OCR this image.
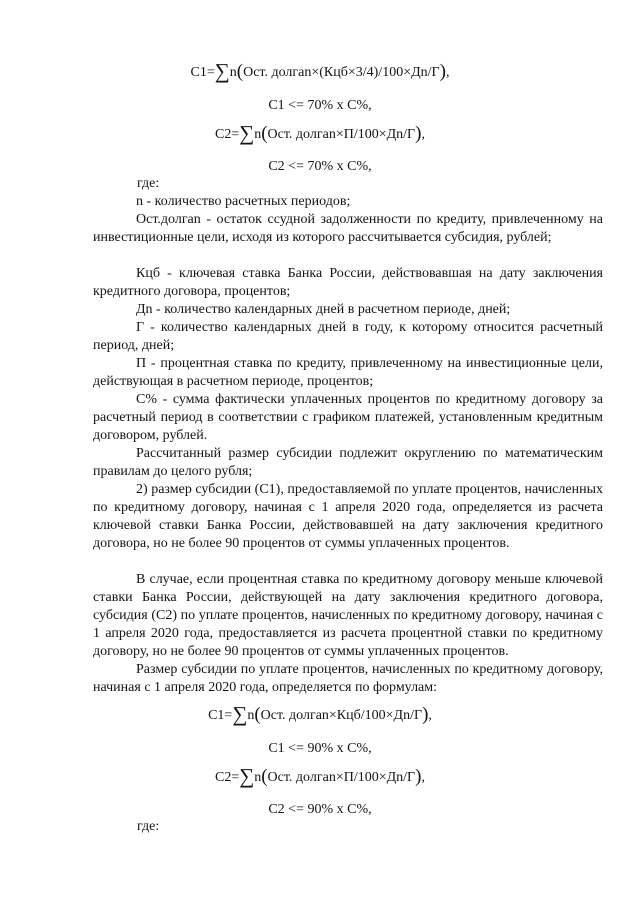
С1=∑n(Ост. долгаn×(Кцб×3/4)/100×Дn/Г),
С1 <= 70% х С%,
С2=∑n(Ост. долгаn×П/100×Дn/Г),
С2 <= 70% х С%,
где:
n - количество расчетных периодов;
Ост.долгаn - остаток ссудной задолженности по кредиту, привлеченному на инвестиционные цели, исходя из которого рассчитывается субсидия, рублей;
Кцб - ключевая ставка Банка России, действовавшая на дату заключения кредитного договора, процентов;
Дn - количество календарных дней в расчетном периоде, дней;
Г - количество календарных дней в году, к которому относится расчетный период, дней;
П - процентная ставка по кредиту, привлеченному на инвестиционные цели, действующая в расчетном периоде, процентов;
С% - сумма фактически уплаченных процентов по кредитному договору за расчетный период в соответствии с графиком платежей, установленным кредитным договором, рублей.
Рассчитанный размер субсидии подлежит округлению по математическим правилам до целого рубля;
2) размер субсидии (С1), предоставляемой по уплате процентов, начисленных по кредитному договору, начиная с 1 апреля 2020 года, определяется из расчета ключевой ставки Банка России, действовавшей на дату заключения кредитного договора, но не более 90 процентов от суммы уплаченных процентов.
В случае, если процентная ставка по кредитному договору меньше ключевой ставки Банка России, действующей на дату заключения кредитного договора, субсидия (С2) по уплате процентов, начисленных по кредитному договору, начиная с 1 апреля 2020 года, предоставляется из расчета процентной ставки по кредитному договору, но не более 90 процентов от суммы уплаченных процентов.
Размер субсидии по уплате процентов, начисленных по кредитному договору, начиная с 1 апреля 2020 года, определяется по формулам:
С1=∑n(Ост. долгаn×Кцб/100×Дn/Г),
С1 <= 90% х С%,
С2=∑n(Ост. долгаn×П/100×Дn/Г),
С2 <= 90% х С%,
где:
